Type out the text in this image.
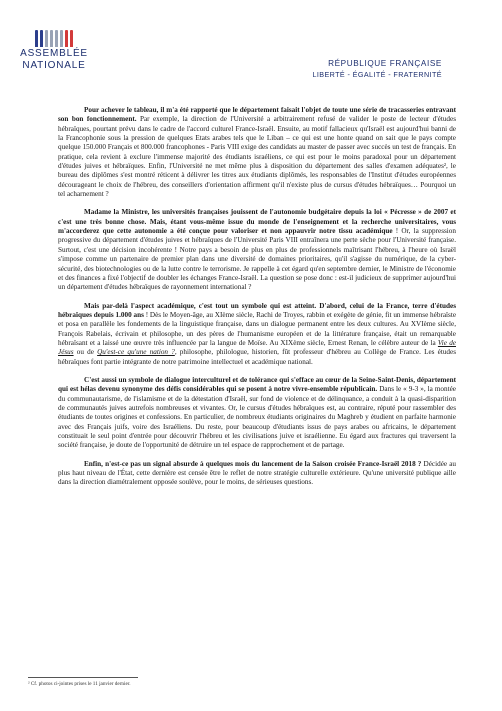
ASSEMBLÉE
NATIONALE	RÉPUBLIQUE FRANÇAISE
LIBERTÉ - ÉGALITÉ - FRATERNITÉ

Pour achever le tableau, il m'a été rapporté que le département faisait l'objet de toute une série de tracasseries entravant son bon fonctionnement. Par exemple, la direction de l'Université a arbitrairement refusé de valider le poste de lecteur d'études hébraïques, pourtant prévu dans le cadre de l'accord culturel France-Israël. Ensuite, au motif fallacieux qu'Israël est aujourd'hui banni de la Francophonie sous la pression de quelques Etats arabes tels que le Liban – ce qui est une honte quand on sait que le pays compte quelque 150.000 Français et 800.000 francophones - Paris VIII exige des candidats au master de passer avec succès un test de français. En pratique, cela revient à exclure l'immense majorité des étudiants israéliens, ce qui est pour le moins paradoxal pour un département d'études juives et hébraïques. Enfin, l'Université ne met même plus à disposition du département des salles d'examen adéquates², le bureau des diplômes s'est montré réticent à délivrer les titres aux étudiants diplômés, les responsables de l'Institut d'études européennes décourageant le choix de l'hébreu, des conseillers d'orientation affirment qu'il n'existe plus de cursus d'études hébraïques… Pourquoi un tel acharnement ?

Madame la Ministre, les universités françaises jouissent de l'autonomie budgétaire depuis la loi « Pécresse » de 2007 et c'est une très bonne chose. Mais, étant vous-même issue du monde de l'enseignement et la recherche universitaires, vous m'accorderez que cette autonomie a été conçue pour valoriser et non appauvrir notre tissu académique ! Or, la suppression progressive du département d'études juives et hébraïques de l'Université Paris VIII entraînera une perte sèche pour l'Université française. Surtout, c'est une décision incohérente ! Notre pays a besoin de plus en plus de professionnels maîtrisant l'hébreu, à l'heure où Israël s'impose comme un partenaire de premier plan dans une diversité de domaines prioritaires, qu'il s'agisse du numérique, de la cyber-sécurité, des biotechnologies ou de la lutte contre le terrorisme. Je rappelle à cet égard qu'en septembre dernier, le Ministre de l'économie et des finances a fixé l'objectif de doubler les échanges France-Israël. La question se pose donc : est-il judicieux de supprimer aujourd'hui un département d'études hébraïques de rayonnement international ?

Mais par-delà l'aspect académique, c'est tout un symbole qui est atteint. D'abord, celui de la France, terre d'études hébraïques depuis 1.000 ans ! Dès le Moyen-âge, au XIème siècle, Rachi de Troyes, rabbin et exégète de génie, fit un immense hébraïste et posa en parallèle les fondements de la linguistique française, dans un dialogue permanent entre les deux cultures. Au XVIème siècle, François Rabelais, écrivain et philosophe, un des pères de l'humanisme européen et de la littérature française, était un remarquable hébraïsant et a laissé une œuvre très influencée par la langue de Moïse. Au XIXème siècle, Ernest Renan, le célèbre auteur de la Vie de Jésus ou de Qu'est-ce qu'une nation ?, philosophe, philologue, historien, fût professeur d'hébreu au Collège de France. Les études hébraïques font partie intégrante de notre patrimoine intellectuel et académique national.

C'est aussi un symbole de dialogue interculturel et de tolérance qui s'efface au cœur de la Seine-Saint-Denis, département qui est hélas devenu synonyme des défis considérables qui se posent à notre vivre-ensemble républicain. Dans le « 9-3 », la montée du communautarisme, de l'islamisme et de la détestation d'Israël, sur fond de violence et de délinquance, a conduit à la quasi-disparition de communautés juives autrefois nombreuses et vivantes. Or, le cursus d'études hébraïques est, au contraire, réputé pour rassembler des étudiants de toutes origines et confessions. En particulier, de nombreux étudiants originaires du Maghreb y étudient en parfaite harmonie avec des Français juifs, voire des Israéliens. Du reste, pour beaucoup d'étudiants issus de pays arabes ou africains, le département constituait le seul point d'entrée pour découvrir l'hébreu et les civilisations juive et israélienne. Eu égard aux fractures qui traversent la société française, je doute de l'opportunité de détruire un tel espace de rapprochement et de partage.

Enfin, n'est-ce pas un signal absurde à quelques mois du lancement de la Saison croisée France-Israël 2018 ? Décidée au plus haut niveau de l'État, cette dernière est censée être le reflet de notre stratégie culturelle extérieure. Qu'une université publique aille dans la direction diamétralement opposée soulève, pour le moins, de sérieuses questions.

² Cf. photos ci-jointes prises le 11 janvier dernier.
